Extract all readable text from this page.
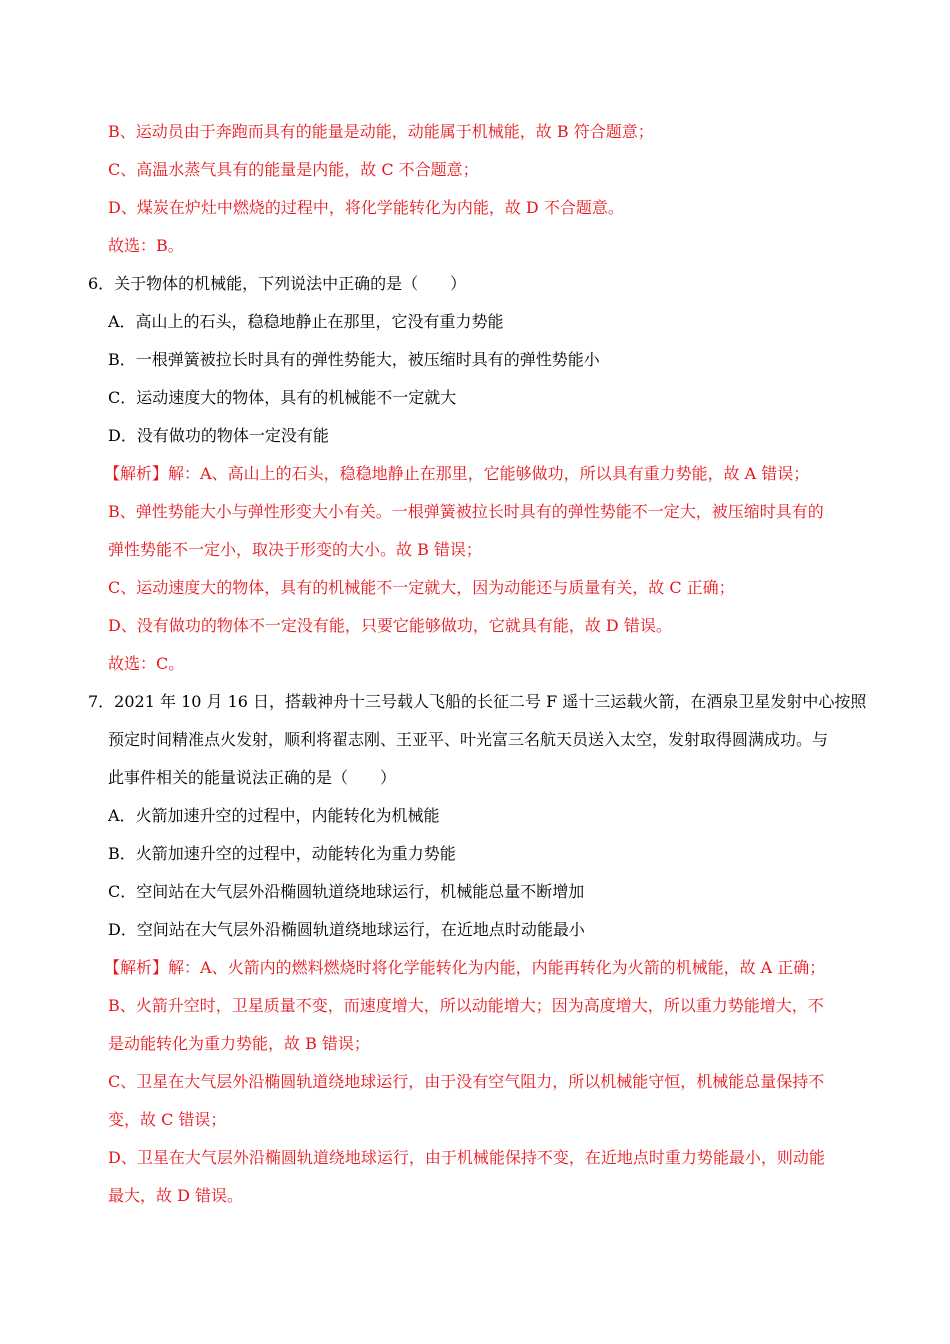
B、运动员由于奔跑而具有的能量是动能，动能属于机械能，故 B 符合题意；
C、高温水蒸气具有的能量是内能，故 C 不合题意；
D、煤炭在炉灶中燃烧的过程中，将化学能转化为内能，故 D 不合题意。
故选：B。
6．关于物体的机械能，下列说法中正确的是（　　）
A．高山上的石头，稳稳地静止在那里，它没有重力势能
B．一根弹簧被拉长时具有的弹性势能大，被压缩时具有的弹性势能小
C．运动速度大的物体，具有的机械能不一定就大
D．没有做功的物体一定没有能
【解析】解：A、高山上的石头，稳稳地静止在那里，它能够做功，所以具有重力势能，故 A 错误；
B、弹性势能大小与弹性形变大小有关。一根弹簧被拉长时具有的弹性势能不一定大，被压缩时具有的
弹性势能不一定小，取决于形变的大小。故 B 错误；
C、运动速度大的物体，具有的机械能不一定就大，因为动能还与质量有关，故 C 正确；
D、没有做功的物体不一定没有能，只要它能够做功，它就具有能，故 D 错误。
故选：C。
7．2021 年 10 月 16 日，搭载神舟十三号载人飞船的长征二号 F 遥十三运载火箭，在酒泉卫星发射中心按照
预定时间精准点火发射，顺利将翟志刚、王亚平、叶光富三名航天员送入太空，发射取得圆满成功。与
此事件相关的能量说法正确的是（　　）
A．火箭加速升空的过程中，内能转化为机械能
B．火箭加速升空的过程中，动能转化为重力势能
C．空间站在大气层外沿椭圆轨道绕地球运行，机械能总量不断增加
D．空间站在大气层外沿椭圆轨道绕地球运行，在近地点时动能最小
【解析】解：A、火箭内的燃料燃烧时将化学能转化为内能，内能再转化为火箭的机械能，故 A 正确；
B、火箭升空时，卫星质量不变，而速度增大，所以动能增大；因为高度增大，所以重力势能增大，不
是动能转化为重力势能，故 B 错误；
C、卫星在大气层外沿椭圆轨道绕地球运行，由于没有空气阻力，所以机械能守恒，机械能总量保持不
变，故 C 错误；
D、卫星在大气层外沿椭圆轨道绕地球运行，由于机械能保持不变，在近地点时重力势能最小，则动能
最大，故 D 错误。
